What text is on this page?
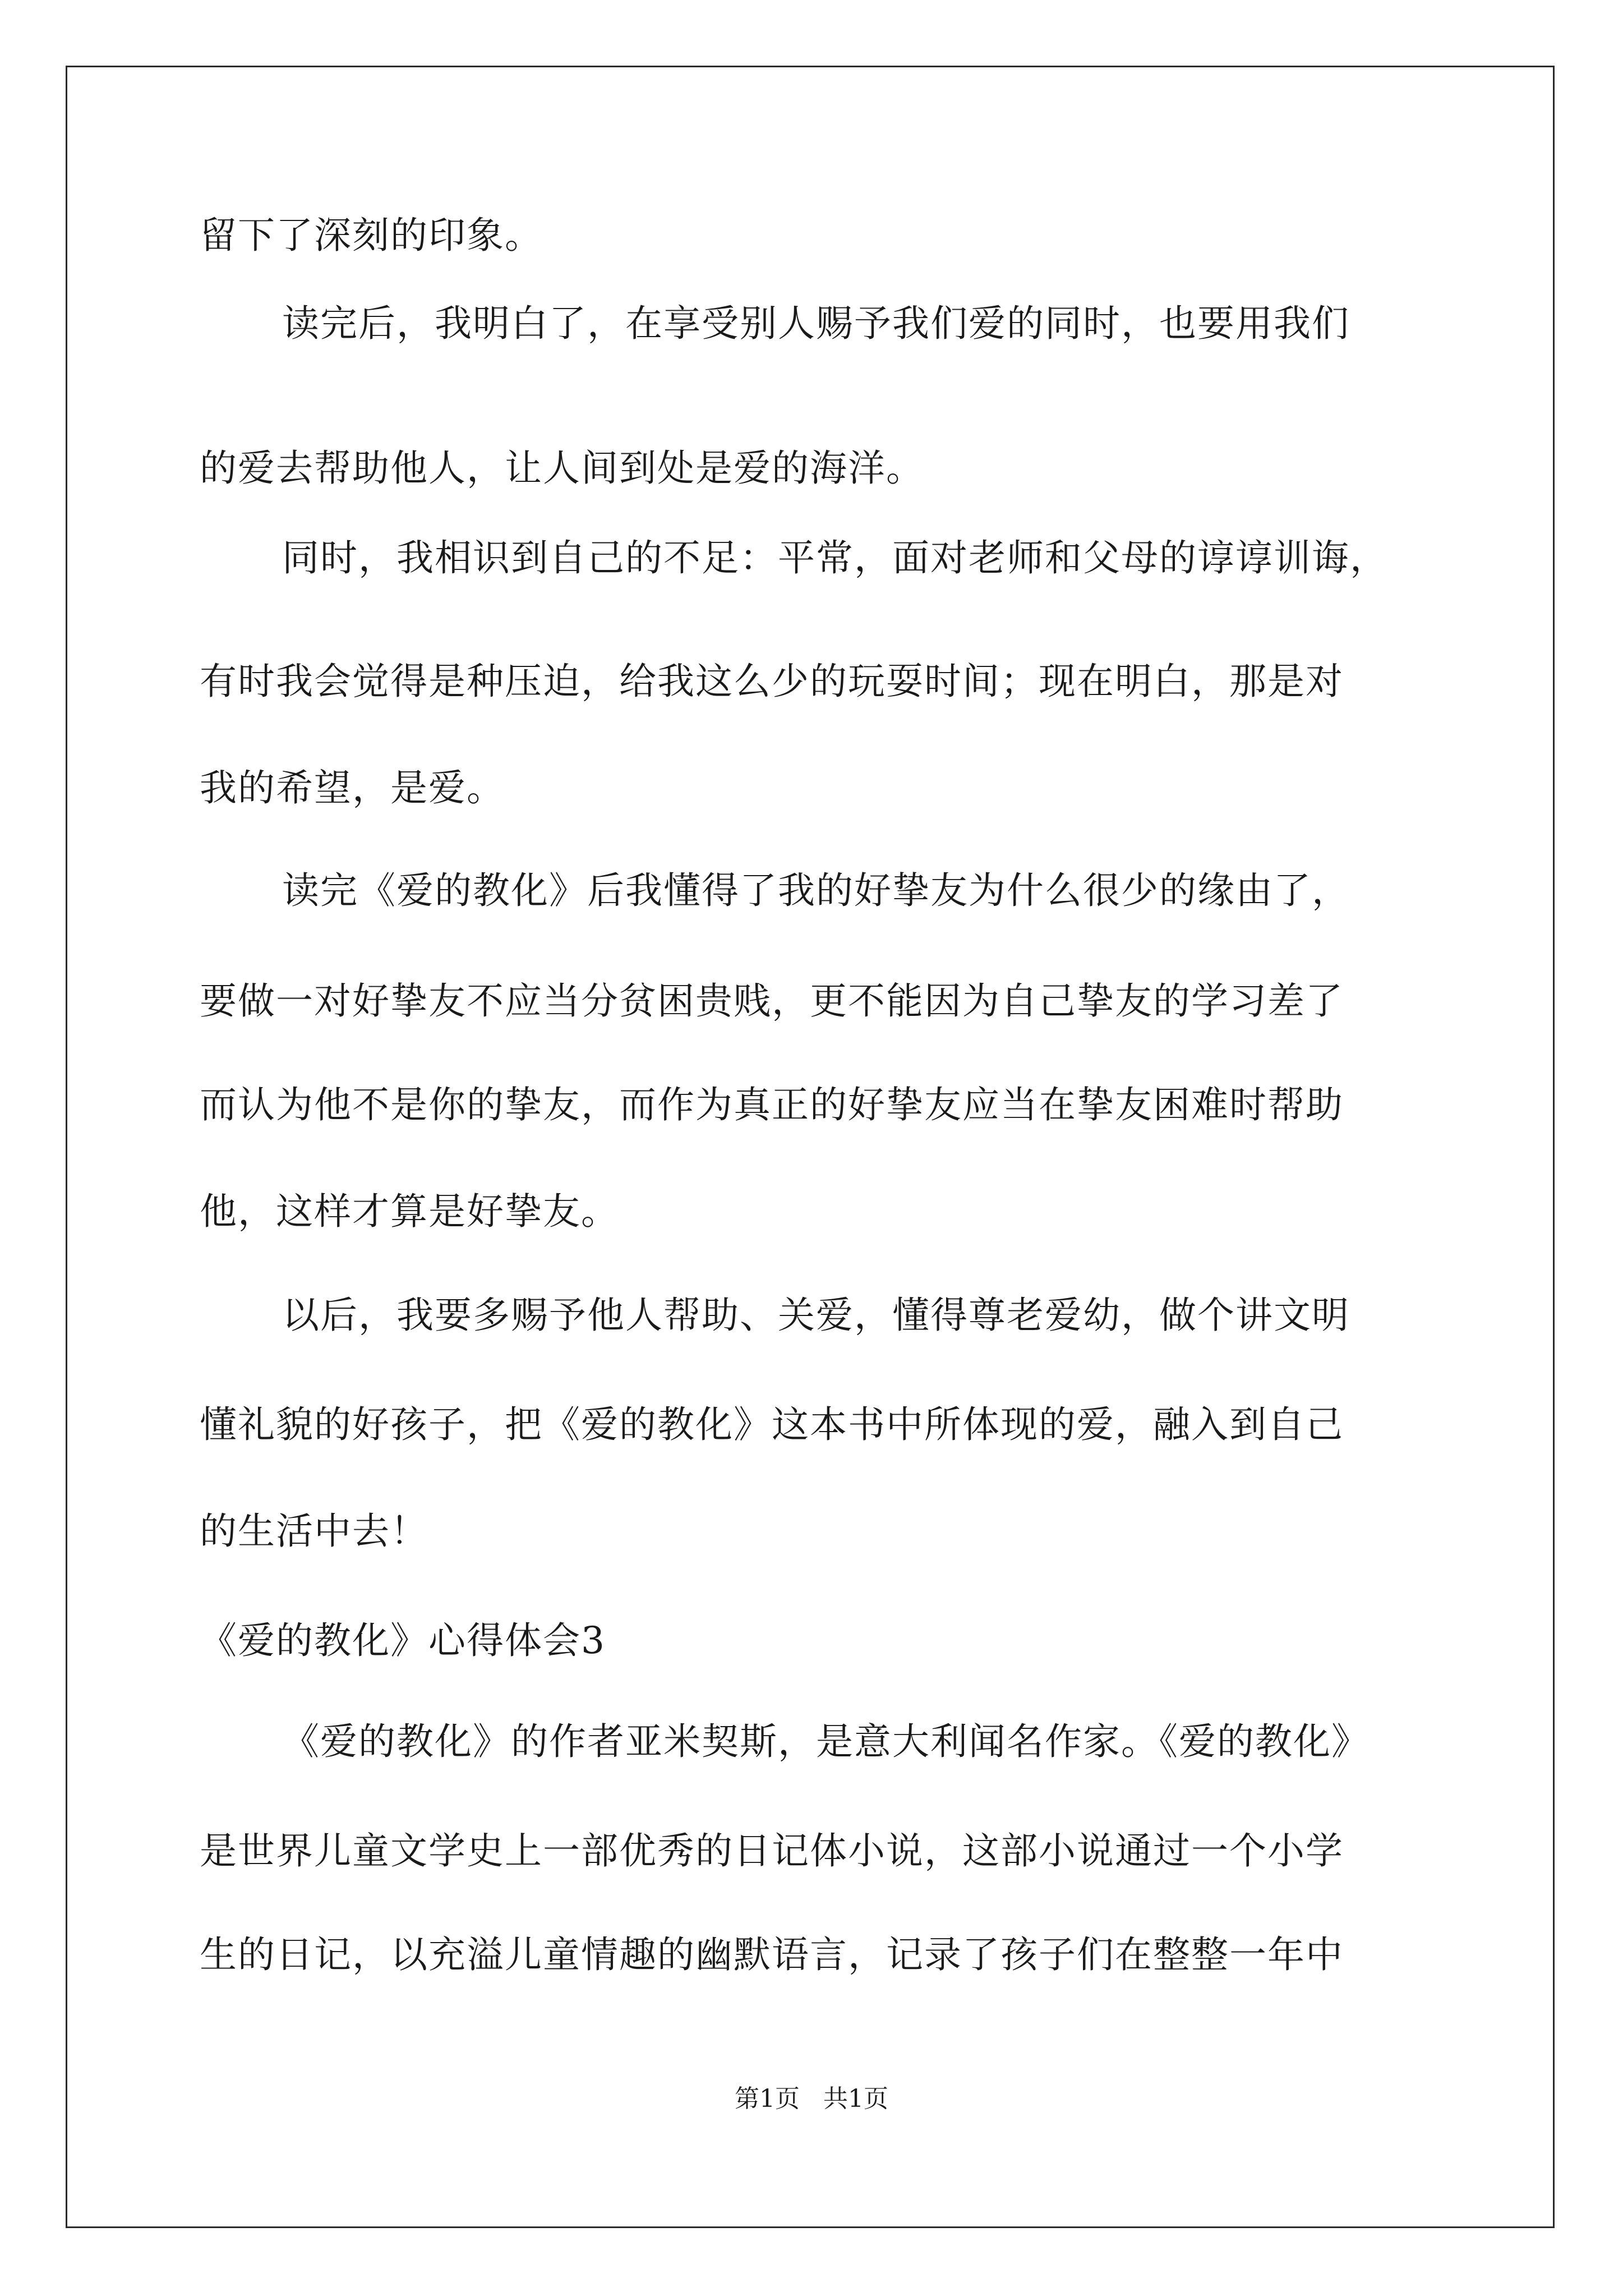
留下了深刻的印象。

读完后，我明白了，在享受别人赐予我们爱的同时，也要用我们

的爱去帮助他人，让人间到处是爱的海洋。

同时，我相识到自己的不足：平常，面对老师和父母的谆谆训诲，

有时我会觉得是种压迫，给我这么少的玩耍时间；现在明白，那是对

我的希望，是爱。

读完《爱的教化》后我懂得了我的好挚友为什么很少的缘由了，

要做一对好挚友不应当分贫困贵贱，更不能因为自己挚友的学习差了

而认为他不是你的挚友，而作为真正的好挚友应当在挚友困难时帮助

他，这样才算是好挚友。

以后，我要多赐予他人帮助、关爱，懂得尊老爱幼，做个讲文明

懂礼貌的好孩子，把《爱的教化》这本书中所体现的爱，融入到自己

的生活中去！

《爱的教化》心得体会3

《爱的教化》的作者亚米契斯，是意大利闻名作家。《爱的教化》

是世界儿童文学史上一部优秀的日记体小说，这部小说通过一个小学

生的日记，以充溢儿童情趣的幽默语言，记录了孩子们在整整一年中

第1页   共1页
